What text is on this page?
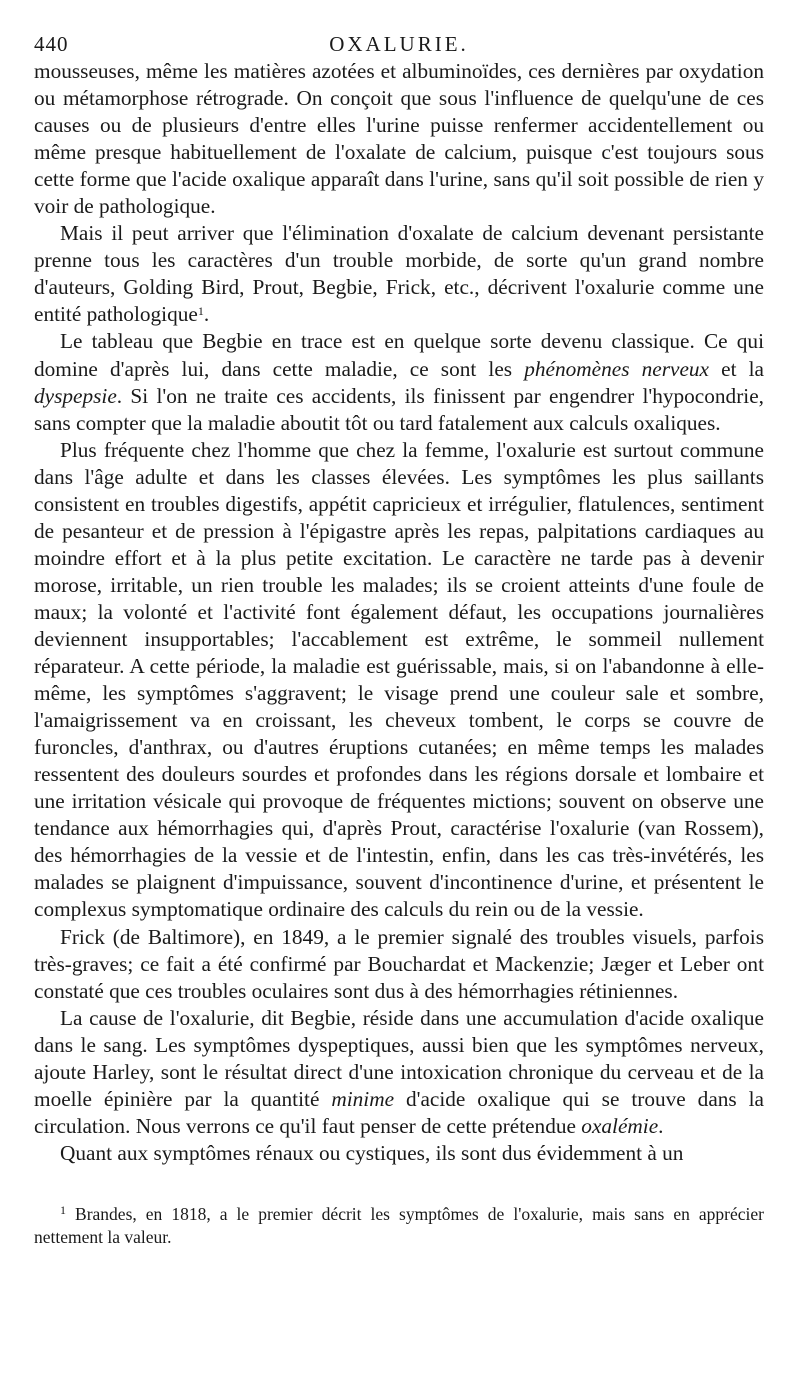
440	OXALURIE.

mousseuses, même les matières azotées et albuminoïdes, ces dernières par oxydation ou métamorphose rétrograde. On conçoit que sous l'influence de quelqu'une de ces causes ou de plusieurs d'entre elles l'urine puisse renfermer accidentellement ou même presque habituellement de l'oxalate de calcium, puisque c'est toujours sous cette forme que l'acide oxalique apparaît dans l'urine, sans qu'il soit possible de rien y voir de pathologique.

Mais il peut arriver que l'élimination d'oxalate de calcium devenant persistante prenne tous les caractères d'un trouble morbide, de sorte qu'un grand nombre d'auteurs, Golding Bird, Prout, Begbie, Frick, etc., décrivent l'oxalurie comme une entité pathologique$^1$.

Le tableau que Begbie en trace est en quelque sorte devenu classique. Ce qui domine d'après lui, dans cette maladie, ce sont les phénomènes nerveux et la dyspepsie. Si l'on ne traite ces accidents, ils finissent par engendrer l'hypocondrie, sans compter que la maladie aboutit tôt ou tard fatalement aux calculs oxaliques.

Plus fréquente chez l'homme que chez la femme, l'oxalurie est surtout commune dans l'âge adulte et dans les classes élevées. Les symptômes les plus saillants consistent en troubles digestifs, appétit capricieux et irrégulier, flatulences, sentiment de pesanteur et de pression à l'épigastre après les repas, palpitations cardiaques au moindre effort et à la plus petite excitation. Le caractère ne tarde pas à devenir morose, irritable, un rien trouble les malades; ils se croient atteints d'une foule de maux; la volonté et l'activité font également défaut, les occupations journalières deviennent insupportables; l'accablement est extrême, le sommeil nullement réparateur. A cette période, la maladie est guérissable, mais, si on l'abandonne à elle-même, les symptômes s'aggravent; le visage prend une couleur sale et sombre, l'amaigrissement va en croissant, les cheveux tombent, le corps se couvre de furoncles, d'anthrax, ou d'autres éruptions cutanées; en même temps les malades ressentent des douleurs sourdes et profondes dans les régions dorsale et lombaire et une irritation vésicale qui provoque de fréquentes mictions; souvent on observe une tendance aux hémorrhagies qui, d'après Prout, caractérise l'oxalurie (van Rossem), des hémorrhagies de la vessie et de l'intestin, enfin, dans les cas très-invétérés, les malades se plaignent d'impuissance, souvent d'incontinence d'urine, et présentent le complexus symptomatique ordinaire des calculs du rein ou de la vessie.

Frick (de Baltimore), en 1849, a le premier signalé des troubles visuels, parfois très-graves; ce fait a été confirmé par Bouchardat et Mackenzie; Jæger et Leber ont constaté que ces troubles oculaires sont dus à des hémorrhagies rétiniennes.

La cause de l'oxalurie, dit Begbie, réside dans une accumulation d'acide oxalique dans le sang. Les symptômes dyspeptiques, aussi bien que les symptômes nerveux, ajoute Harley, sont le résultat direct d'une intoxication chronique du cerveau et de la moelle épinière par la quantité minime d'acide oxalique qui se trouve dans la circulation. Nous verrons ce qu'il faut penser de cette prétendue oxalémie.

Quant aux symptômes rénaux ou cystiques, ils sont dus évidemment à un

$^1$ Brandes, en 1818, a le premier décrit les symptômes de l'oxalurie, mais sans en apprécier nettement la valeur.
